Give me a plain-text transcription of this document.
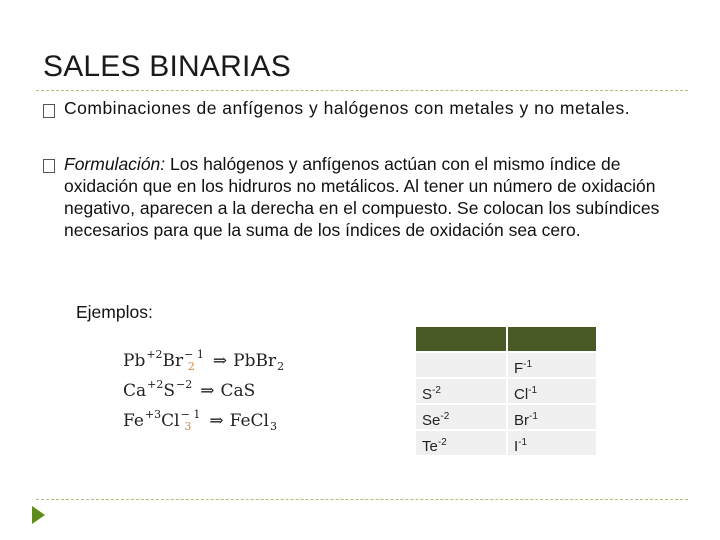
SALES BINARIAS
Combinaciones de anfígenos y halógenos con metales y no metales.
Formulación: Los halógenos y anfígenos actúan con el mismo índice de oxidación que en los hidruros no metálicos. Al tener un número de oxidación negativo, aparecen a la derecha en el compuesto. Se colocan los subíndices necesarios para que la suma de los índices de oxidación sea cero.
Ejemplos:
$Pb^{+2}Br^{- 1}_2$ ⇒ PbBr$_2$
$Ca^{+2}S^{-2}$ ⇒ CaS
$Fe^{+3}Cl^{- 1}_3$ ⇒ FeCl$_3$

	$F^{-1}$
$S^{-2}$	$Cl^{-1}$
$Se^{-2}$	$Br^{-1}$
$Te^{-2}$	$I^{-1}$
